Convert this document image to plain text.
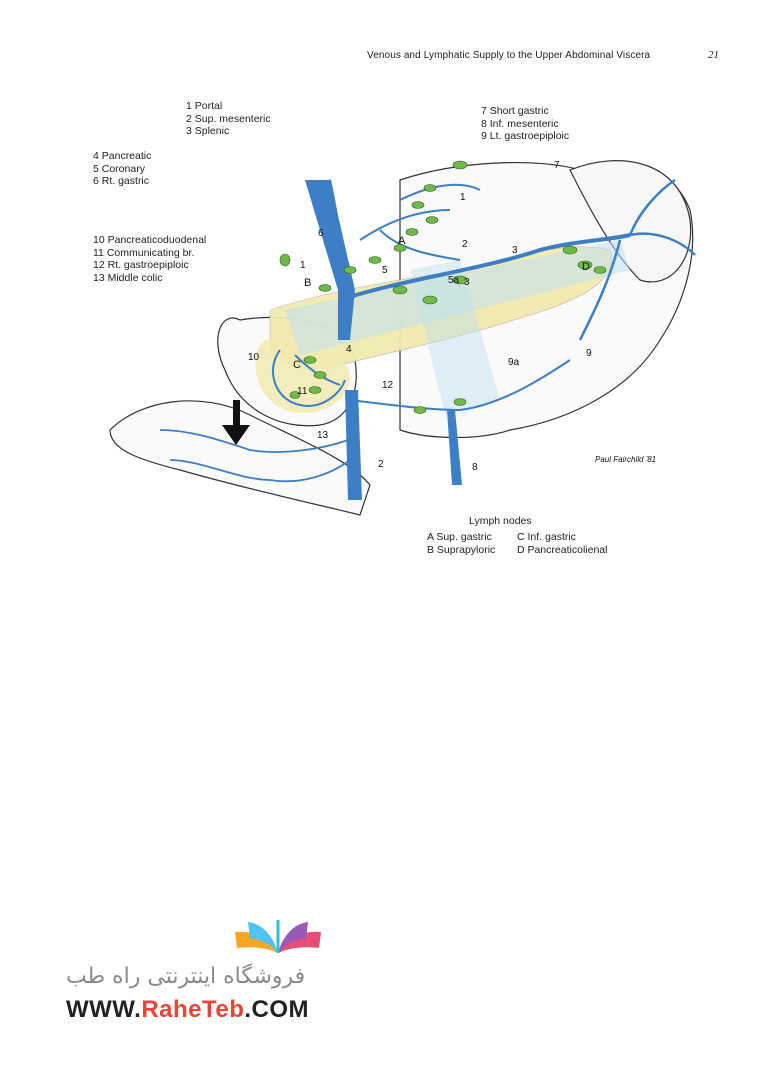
Venous and Lymphatic Supply to the Upper Abdominal Viscera	21
1 Portal
2 Sup. mesenteric
3 Splenic
7 Short gastric
8 Inf. mesenteric
9 Lt. gastroepiploic
4 Pancreatic
5 Coronary
6 Rt. gastric
10 Pancreaticoduodenal
11 Communicating br.
12 Rt. gastroepiploic
13 Middle colic
1
1
2
2
3
3
4
5
5a
6
7
8
9
9a
10
11
12
13
A
B
C
D
Paul Fairchild '81
Lymph nodes
A Sup. gastric C Inf. gastric
B Suprapyloric D Pancreaticolienal
فروشگاه اینترنتی راه طب
WWW.RaheTeb.COM
